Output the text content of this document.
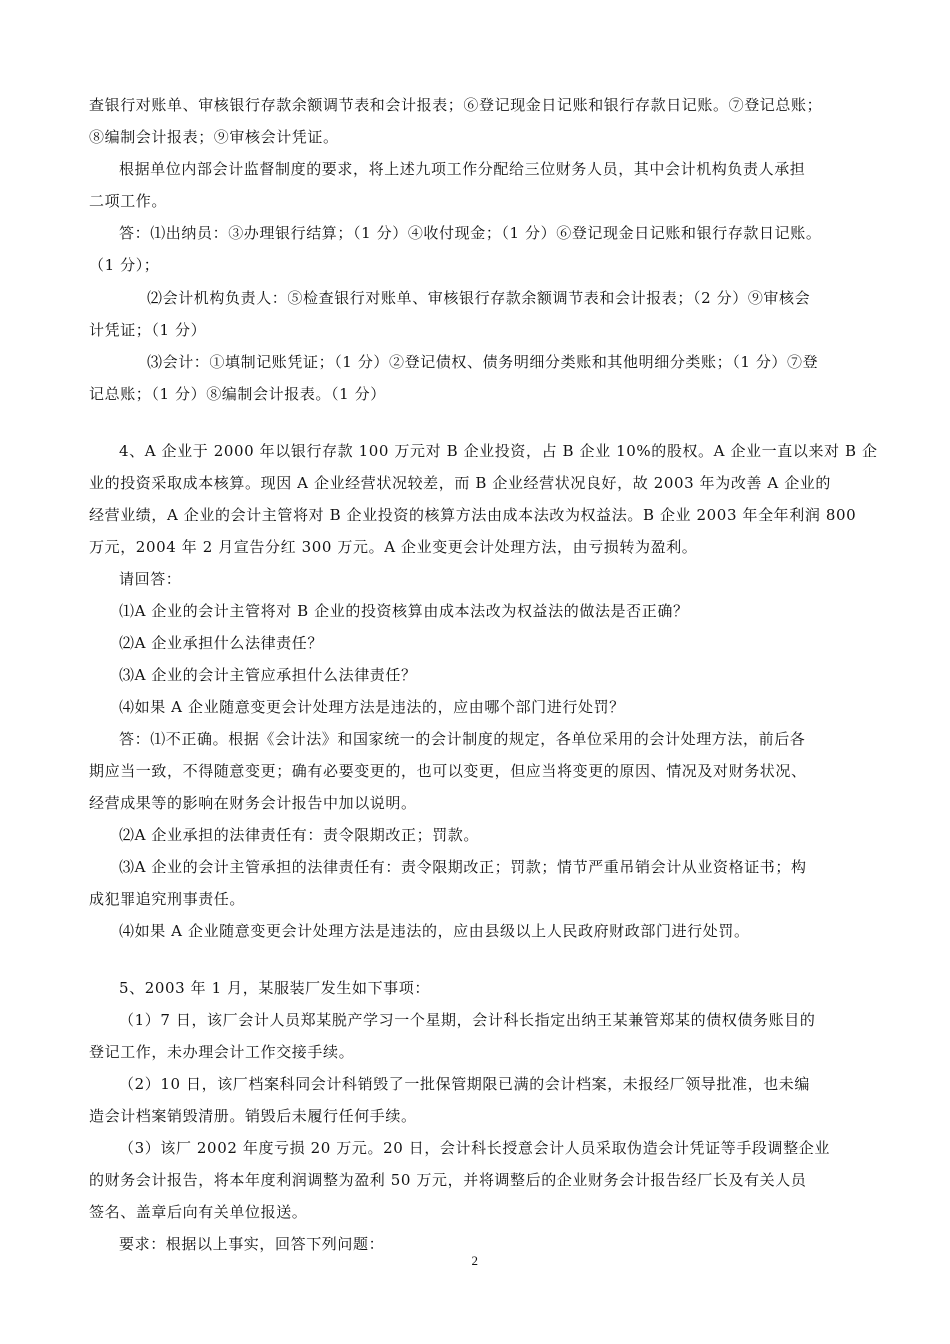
查银行对账单、审核银行存款余额调节表和会计报表；⑥登记现金日记账和银行存款日记账。⑦登记总账；
⑧编制会计报表；⑨审核会计凭证。
根据单位内部会计监督制度的要求，将上述九项工作分配给三位财务人员，其中会计机构负责人承担
二项工作。
答：⑴出纳员：③办理银行结算；（1 分）④收付现金；（1 分）⑥登记现金日记账和银行存款日记账。
（1 分）；
⑵会计机构负责人：⑤检查银行对账单、审核银行存款余额调节表和会计报表；（2 分）⑨审核会
计凭证；（1 分）
⑶会计：①填制记账凭证；（1 分）②登记债权、债务明细分类账和其他明细分类账；（1 分）⑦登
记总账；（1 分）⑧编制会计报表。（1 分）
4、A 企业于 2000 年以银行存款 100 万元对 B 企业投资，占 B 企业 10%的股权。A 企业一直以来对 B 企
业的投资采取成本核算。现因 A 企业经营状况较差，而 B 企业经营状况良好，故 2003 年为改善 A 企业的
经营业绩，A 企业的会计主管将对 B 企业投资的核算方法由成本法改为权益法。B 企业 2003 年全年利润 800
万元，2004 年 2 月宣告分红 300 万元。A 企业变更会计处理方法，由亏损转为盈利。
请回答：
⑴A 企业的会计主管将对 B 企业的投资核算由成本法改为权益法的做法是否正确？
⑵A 企业承担什么法律责任？
⑶A 企业的会计主管应承担什么法律责任？
⑷如果 A 企业随意变更会计处理方法是违法的，应由哪个部门进行处罚？
答：⑴不正确。根据《会计法》和国家统一的会计制度的规定，各单位采用的会计处理方法，前后各
期应当一致，不得随意变更；确有必要变更的，也可以变更，但应当将变更的原因、情况及对财务状况、
经营成果等的影响在财务会计报告中加以说明。
⑵A 企业承担的法律责任有：责令限期改正；罚款。
⑶A 企业的会计主管承担的法律责任有：责令限期改正；罚款；情节严重吊销会计从业资格证书；构
成犯罪追究刑事责任。
⑷如果 A 企业随意变更会计处理方法是违法的，应由县级以上人民政府财政部门进行处罚。
5、2003 年 1 月，某服装厂发生如下事项：
（1）7 日，该厂会计人员郑某脱产学习一个星期，会计科长指定出纳王某兼管郑某的债权债务账目的
登记工作，未办理会计工作交接手续。
（2）10 日，该厂档案科同会计科销毁了一批保管期限已满的会计档案，未报经厂领导批准，也未编
造会计档案销毁清册。销毁后未履行任何手续。
（3）该厂 2002 年度亏损 20 万元。20 日，会计科长授意会计人员采取伪造会计凭证等手段调整企业
的财务会计报告，将本年度利润调整为盈利 50 万元，并将调整后的企业财务会计报告经厂长及有关人员
签名、盖章后向有关单位报送。
要求：根据以上事实，回答下列问题：
2
